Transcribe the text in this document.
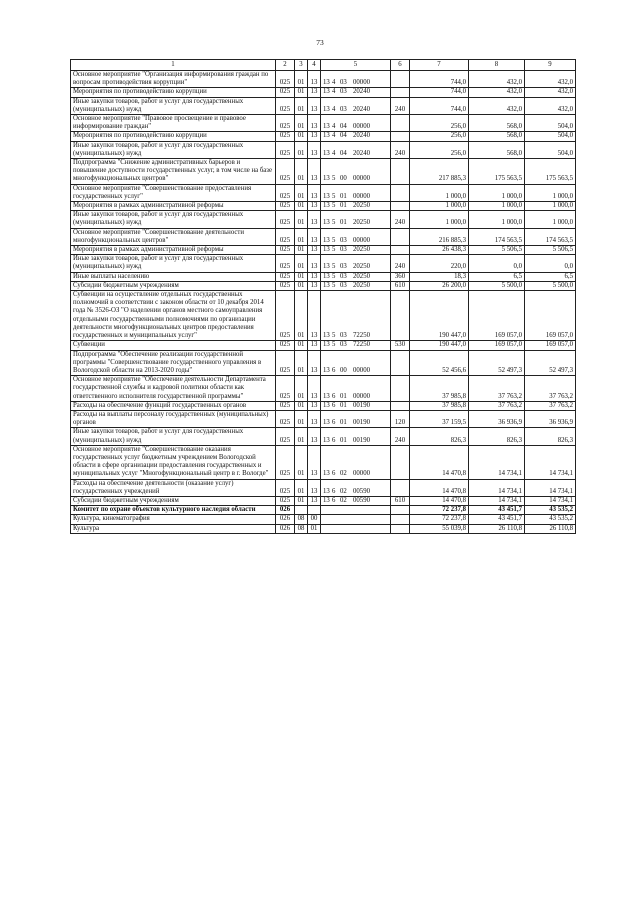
73
1	2	3	4	5	6	7	8	9
Основное мероприятие "Организация информирования граждан по вопросам противодействия коррупции"	025	01	13	13 4 03 00000		744,0	432,0	432,0
Мероприятия по противодействию коррупции	025	01	13	13 4 03 20240		744,0	432,0	432,0
Иные закупки товаров, работ и услуг для государственных (муниципальных) нужд	025	01	13	13 4 03 20240	240	744,0	432,0	432,0
Основное мероприятие "Правовое просвещение и правовое информирование граждан"	025	01	13	13 4 04 00000		256,0	568,0	504,0
Мероприятия по противодействию коррупции	025	01	13	13 4 04 20240		256,0	568,0	504,0
Иные закупки товаров, работ и услуг для государственных (муниципальных) нужд	025	01	13	13 4 04 20240	240	256,0	568,0	504,0
Подпрограмма "Снижение административных барьеров и повышение доступности государственных услуг, в том числе на базе многофункциональных центров"	025	01	13	13 5 00 00000		217 885,3	175 563,5	175 563,5
Основное мероприятие "Совершенствование предоставления государственных услуг"	025	01	13	13 5 01 00000		1 000,0	1 000,0	1 000,0
Мероприятия в рамках административной реформы	025	01	13	13 5 01 20250		1 000,0	1 000,0	1 000,0
Иные закупки товаров, работ и услуг для государственных (муниципальных) нужд	025	01	13	13 5 01 20250	240	1 000,0	1 000,0	1 000,0
Основное мероприятие "Совершенствование деятельности многофункциональных центров"	025	01	13	13 5 03 00000		216 885,3	174 563,5	174 563,5
Мероприятия в рамках административной реформы	025	01	13	13 5 03 20250		26 438,3	5 506,5	5 506,5
Иные закупки товаров, работ и услуг для государственных (муниципальных) нужд	025	01	13	13 5 03 20250	240	220,0	0,0	0,0
Иные выплаты населению	025	01	13	13 5 03 20250	360	18,3	6,5	6,5
Субсидии бюджетным учреждениям	025	01	13	13 5 03 20250	610	26 200,0	5 500,0	5 500,0
Субвенции на осуществление отдельных государственных полномочий в соответствии с законом области от 10 декабря 2014 года № 3526-ОЗ "О наделении органов местного самоуправления отдельными государственными полномочиями по организации деятельности многофункциональных центров предоставления государственных и муниципальных услуг"	025	01	13	13 5 03 72250		190 447,0	169 057,0	169 057,0
Субвенции	025	01	13	13 5 03 72250	530	190 447,0	169 057,0	169 057,0
Подпрограмма "Обеспечение реализации государственной программы "Совершенствование государственного управления в Вологодской области на 2013-2020 годы"	025	01	13	13 6 00 00000		52 456,6	52 497,3	52 497,3
Основное мероприятие "Обеспечение деятельности Департамента государственной службы и кадровой политики области как ответственного исполнителя государственной программы"	025	01	13	13 6 01 00000		37 985,8	37 763,2	37 763,2
Расходы на обеспечение функций государственных органов	025	01	13	13 6 01 00190		37 985,8	37 763,2	37 763,2
Расходы на выплаты персоналу государственных (муниципальных) органов	025	01	13	13 6 01 00190	120	37 159,5	36 936,9	36 936,9
Иные закупки товаров, работ и услуг для государственных (муниципальных) нужд	025	01	13	13 6 01 00190	240	826,3	826,3	826,3
Основное мероприятие "Совершенствование оказания государственных услуг бюджетным учреждением Вологодской области в сфере организации предоставления государственных и муниципальных услуг "Многофункциональный центр в г. Вологде"	025	01	13	13 6 02 00000		14 470,8	14 734,1	14 734,1
Расходы на обеспечение деятельности (оказание услуг) государственных учреждений	025	01	13	13 6 02 00590		14 470,8	14 734,1	14 734,1
Субсидии бюджетным учреждениям	025	01	13	13 6 02 00590	610	14 470,8	14 734,1	14 734,1
Комитет по охране объектов культурного наследия области	026					72 237,8	43 451,7	43 535,2
Культура, кинематография	026	08	00			72 237,8	43 451,7	43 535,2
Культура	026	08	01			55 039,8	26 110,8	26 110,8
